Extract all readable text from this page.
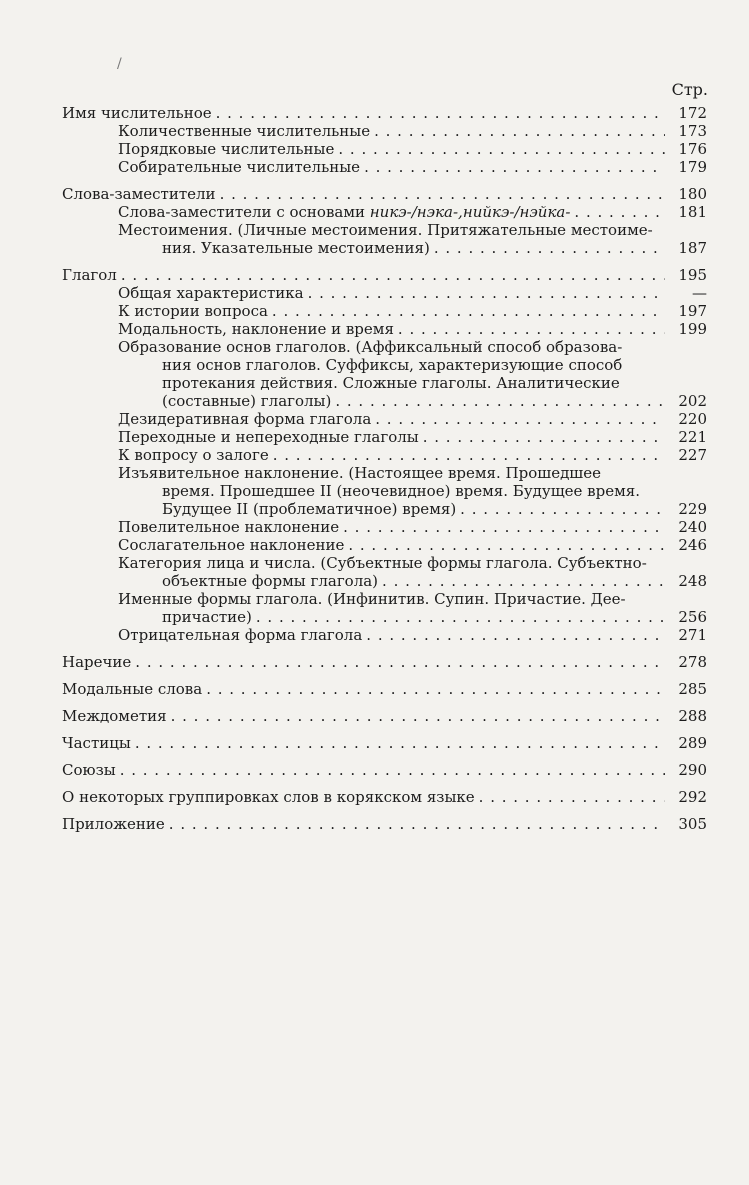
/
Стр.
Имя числительное . . .	172
Количественные числительные . . .	173
Порядковые числительные . . .	176
Собирательные числительные . . .	179
Слова-заместители . . .	180
Слова-заместители с основами никэ-/нэка-,нийкэ-/нэйка- . . .	181
Местоимения. (Личные местоимения. Притяжательные местоиме-
ния. Указательные местоимения) . . .	187
Глагол . . .	195
Общая характеристика . . .	—
К истории вопроса . . .	197
Модальность, наклонение и время . . .	199
Образование основ глаголов. (Аффиксальный способ образова-
ния основ глаголов. Суффиксы, характеризующие способ
протекания действия. Сложные глаголы. Аналитические
(составные) глаголы) . . .	202
Дезидеративная форма глагола . . .	220
Переходные и непереходные глаголы . . .	221
К вопросу о залоге . . .	227
Изъявительное наклонение. (Настоящее время. Прошедшее
время. Прошедшее II (неочевидное) время. Будущее время.
Будущее II (проблематичное) время) . . .	229
Повелительное наклонение . . .	240
Сослагательное наклонение . . .	246
Категория лица и числа. (Субъектные формы глагола. Субъектно-
объектные формы глагола) . . .	248
Именные формы глагола. (Инфинитив. Супин. Причастие. Дее-
причастие) . . .	256
Отрицательная форма глагола . . .	271
Наречие . . .	278
Модальные слова . . .	285
Междометия . . .	288
Частицы . . .	289
Союзы . . .	290
О некоторых группировках слов в корякском языке . . .	292
Приложение . . .	305
